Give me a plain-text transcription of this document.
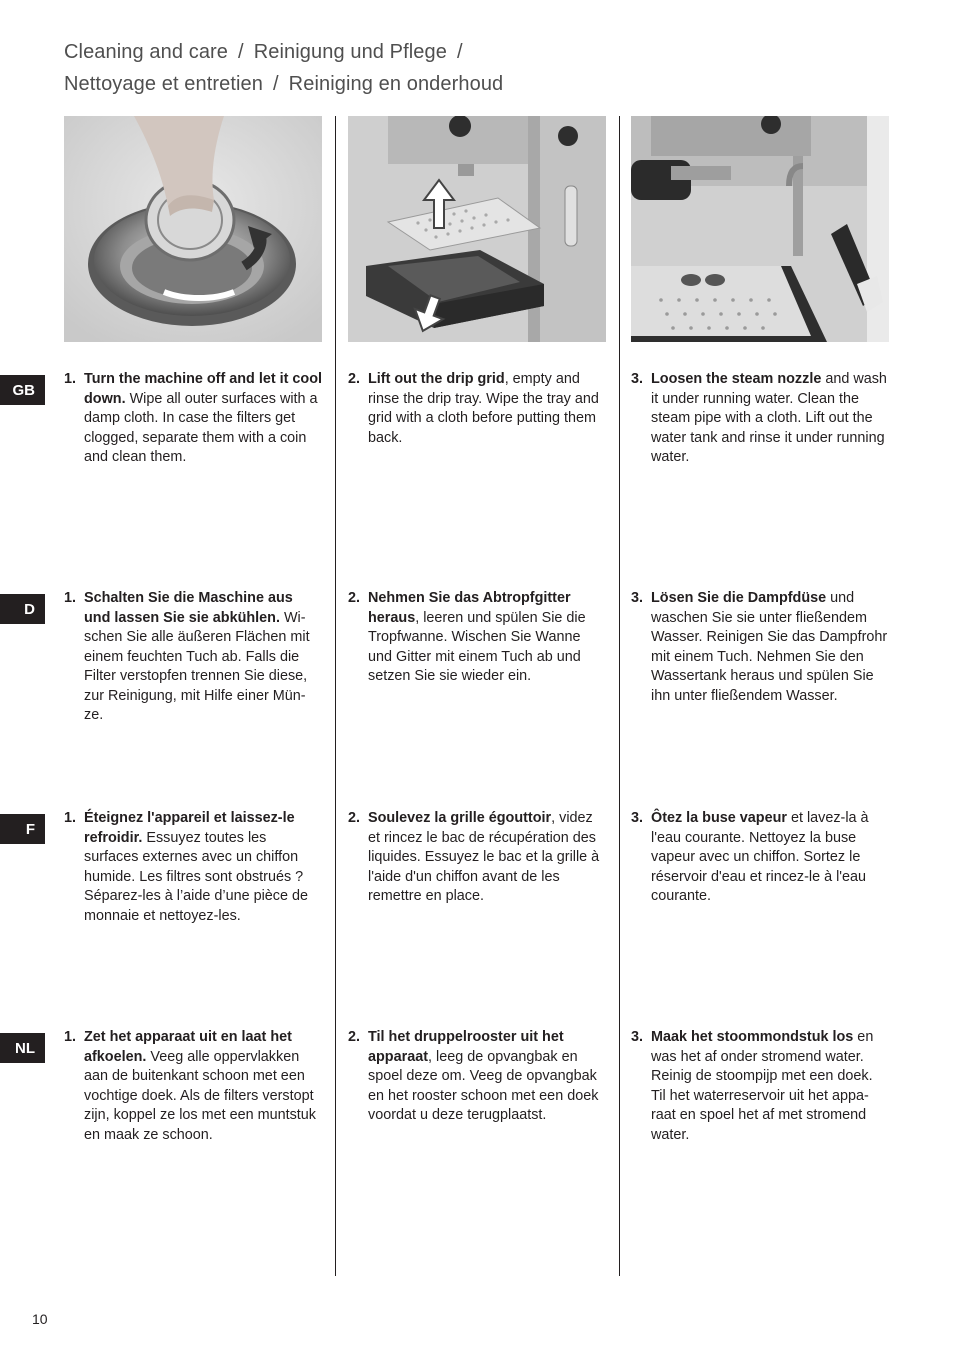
Cleaning and care / Reinigung und Pflege /
Nettoyage et entretien / Reiniging en onderhoud
GB
1. Turn the machine off and let it cool down. Wipe all outer surfaces with a damp cloth. In case the filters get clogged, separate them with a coin and clean them.
2. Lift out the drip grid, empty and rinse the drip tray. Wipe the tray and grid with a cloth before putting them back.
3. Loosen the steam nozzle and wash it under running water. Clean the steam pipe with a cloth. Lift out the water tank and rinse it under running water.
D
1. Schalten Sie die Maschine aus und lassen Sie sie abkühlen. Wi-schen Sie alle äußeren Flächen mit einem feuchten Tuch ab. Falls die Filter verstopfen trennen Sie diese, zur Reinigung, mit Hilfe einer Mün-ze.
2. Nehmen Sie das Abtropfgitter heraus, leeren und spülen Sie die Tropfwanne. Wischen Sie Wanne und Gitter mit einem Tuch ab und setzen Sie sie wieder ein.
3. Lösen Sie die Dampfdüse und waschen Sie sie unter fließendem Wasser. Reinigen Sie das Dampfrohr mit einem Tuch. Nehmen Sie den Wassertank heraus und spülen Sie ihn unter fließendem Wasser.
F
1. Éteignez l'appareil et laissez-le refroidir. Essuyez toutes les surfaces externes avec un chiffon humide. Les filtres sont obstrués ? Séparez-les à l’aide d’une pièce de monnaie et nettoyez-les.
2. Soulevez la grille égouttoir, videz et rincez le bac de récupération des liquides. Essuyez le bac et la grille à l'aide d'un chiffon avant de les remettre en place.
3. Ôtez la buse vapeur et lavez-la à l'eau courante. Nettoyez la buse vapeur avec un chiffon. Sortez le réservoir d'eau et rincez-le à l'eau courante.
NL
1. Zet het apparaat uit en laat het afkoelen. Veeg alle oppervlakken aan de buitenkant schoon met een vochtige doek. Als de filters verstopt zijn, koppel ze los met een muntstuk en maak ze schoon.
2. Til het druppelrooster uit het apparaat, leeg de opvangbak en spoel deze om. Veeg de opvangbak en het rooster schoon met een doek voordat u deze terugplaatst.
3. Maak het stoommondstuk los en was het af onder stromend water. Reinig de stoompijp met een doek. Til het waterreservoir uit het appa-raat en spoel het af met stromend water.
10
